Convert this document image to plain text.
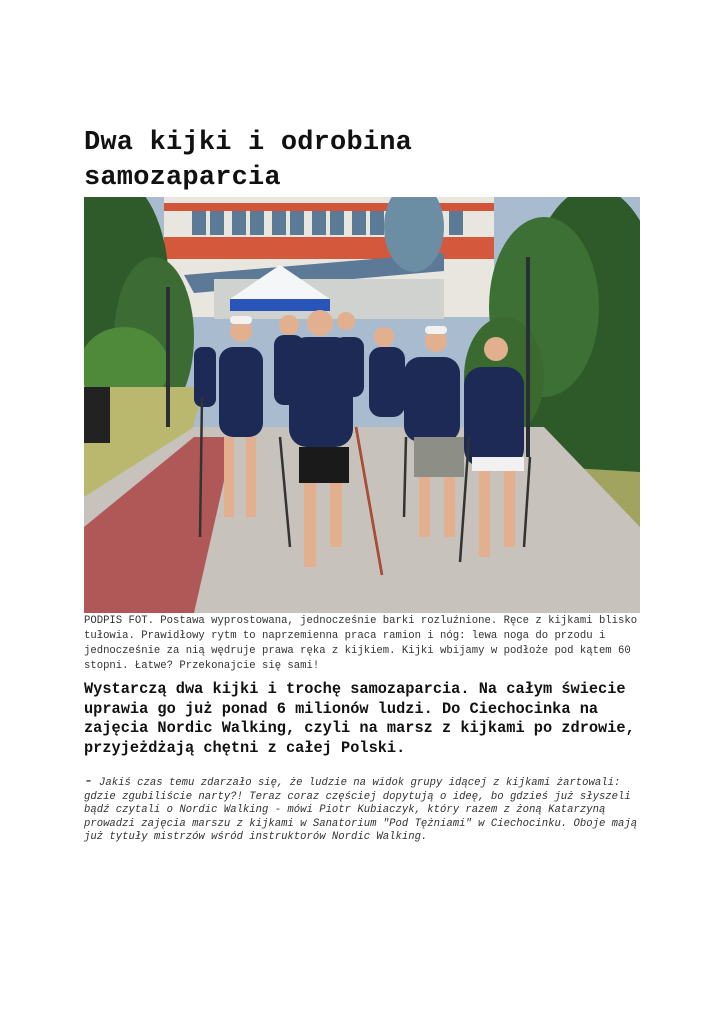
Dwa kijki i odrobina samozaparcia

PODPIS FOT. Postawa wyprostowana, jednocześnie barki rozluźnione. Ręce z kijkami blisko tułowia. Prawidłowy rytm to naprzemienna praca ramion i nóg: lewa noga do przodu i jednocześnie za nią wędruje prawa ręka z kijkiem. Kijki wbijamy w podłoże pod kątem 60 stopni. Łatwe? Przekonajcie się sami!

Wystarczą dwa kijki i trochę samozaparcia. Na całym świecie uprawia go już ponad 6 milionów ludzi. Do Ciechocinka na zajęcia Nordic Walking, czyli na marsz z kijkami po zdrowie, przyjeżdżają chętni z całej Polski.

- Jakiś czas temu zdarzało się, że ludzie na widok grupy idącej z kijkami żartowali: gdzie zgubiliście narty?! Teraz coraz częściej dopytują o ideę, bo gdzieś już słyszeli bądź czytali o Nordic Walking - mówi Piotr Kubiaczyk, który razem z żoną Katarzyną prowadzi zajęcia marszu z kijkami w Sanatorium "Pod Tężniami" w Ciechocinku. Oboje mają już tytuły mistrzów wśród instruktorów Nordic Walking.
